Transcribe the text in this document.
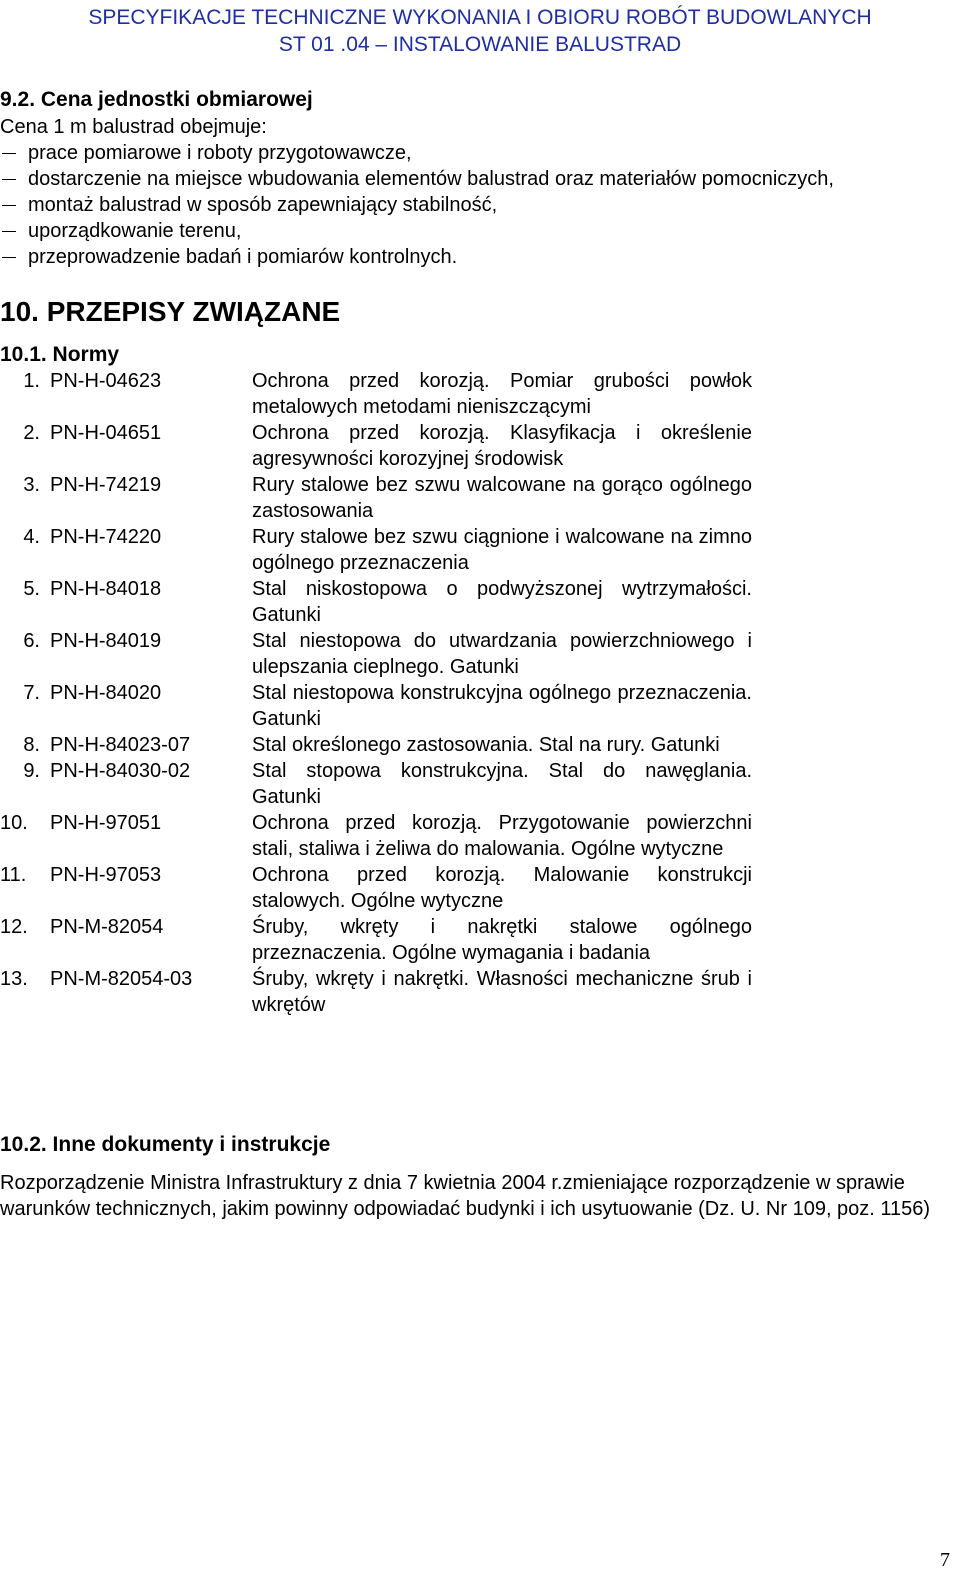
SPECYFIKACJE TECHNICZNE WYKONANIA I OBIORU ROBÓT BUDOWLANYCH
ST 01 .04 – INSTALOWANIE BALUSTRAD
9.2. Cena jednostki obmiarowej
Cena 1 m balustrad obejmuje:
prace pomiarowe i roboty przygotowawcze,
dostarczenie na miejsce wbudowania elementów balustrad oraz materiałów pomocniczych,
montaż balustrad w sposób zapewniający stabilność,
uporządkowanie terenu,
przeprowadzenie badań i pomiarów kontrolnych.
10. PRZEPISY ZWIĄZANE
10.1. Normy
1. PN-H-04623	Ochrona przed korozją. Pomiar grubości powłok metalowych metodami nieniszczącymi
2. PN-H-04651	Ochrona przed korozją. Klasyfikacja i określenie agresywności korozyjnej środowisk
3. PN-H-74219	Rury stalowe bez szwu walcowane na gorąco ogólnego zastosowania
4. PN-H-74220	Rury stalowe bez szwu ciągnione i walcowane na zimno ogólnego przeznaczenia
5. PN-H-84018	Stal niskostopowa o podwyższonej wytrzymałości. Gatunki
6. PN-H-84019	Stal niestopowa do utwardzania powierzchniowego i ulepszania cieplnego. Gatunki
7. PN-H-84020	Stal niestopowa konstrukcyjna ogólnego przeznaczenia. Gatunki
8. PN-H-84023-07	Stal określonego zastosowania. Stal na rury. Gatunki
9. PN-H-84030-02	Stal stopowa konstrukcyjna. Stal do nawęglania. Gatunki
10.	PN-H-97051	Ochrona przed korozją. Przygotowanie powierzchni stali, staliwa i żeliwa do malowania. Ogólne wytyczne
11.	PN-H-97053	Ochrona przed korozją. Malowanie konstrukcji stalowych. Ogólne wytyczne
12.	PN-M-82054	Śruby, wkręty i nakrętki stalowe ogólnego przeznaczenia. Ogólne wymagania i badania
13.	PN-M-82054-03	Śruby, wkręty i nakrętki. Własności mechaniczne śrub i wkrętów
10.2. Inne dokumenty i instrukcje
Rozporządzenie Ministra Infrastruktury z dnia 7 kwietnia 2004 r.zmieniające rozporządzenie w sprawie warunków technicznych, jakim powinny odpowiadać budynki i ich usytuowanie (Dz. U. Nr 109, poz. 1156)
7
